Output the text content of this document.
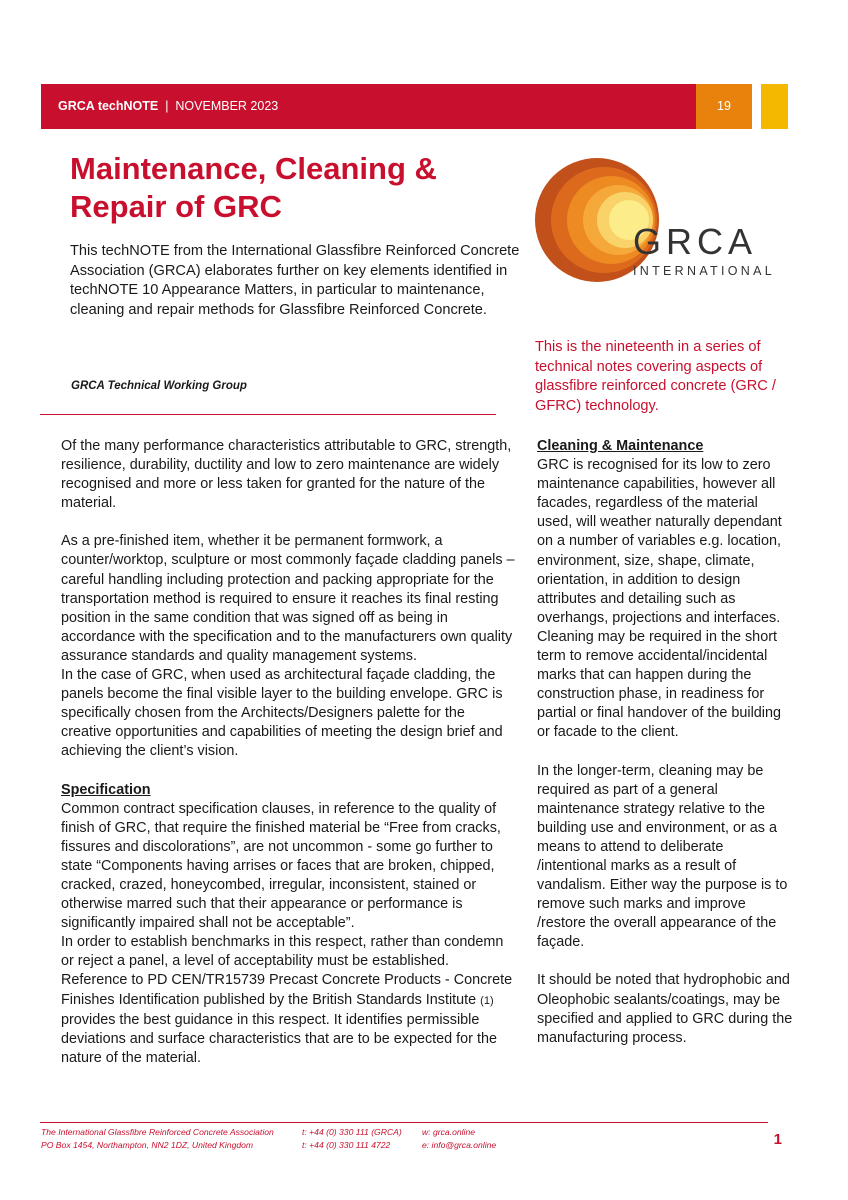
GRCA techNOTE | NOVEMBER 2023	19
Maintenance, Cleaning &
Repair of GRC

This techNOTE from the International Glassfibre Reinforced Concrete Association (GRCA) elaborates further on key elements identified in techNOTE 10 Appearance Matters, in particular to maintenance, cleaning and repair methods for Glassfibre Reinforced Concrete.

GRCA
INTERNATIONAL

This is the nineteenth in a series of technical notes covering aspects of glassfibre reinforced concrete (GRC / GFRC) technology.

GRCA Technical Working Group

Of the many performance characteristics attributable to GRC, strength, resilience, durability, ductility and low to zero maintenance are widely recognised and more or less taken for granted for the nature of the material.

As a pre-finished item, whether it be permanent formwork, a counter/worktop, sculpture or most commonly façade cladding panels – careful handling including protection and packing appropriate for the transportation method is required to ensure it reaches its final resting position in the same condition that was signed off as being in accordance with the specification and to the manufacturers own quality assurance standards and quality management systems.

In the case of GRC, when used as architectural façade cladding, the panels become the final visible layer to the building envelope. GRC is specifically chosen from the Architects/Designers palette for the creative opportunities and capabilities of meeting the design brief and achieving the client’s vision.

Specification

Common contract specification clauses, in reference to the quality of finish of GRC, that require the finished material be “Free from cracks, fissures and discolorations”, are not uncommon - some go further to state “Components having arrises or faces that are broken, chipped, cracked, crazed, honeycombed, irregular, inconsistent, stained or otherwise marred such that their appearance or performance is significantly impaired shall not be acceptable”.

In order to establish benchmarks in this respect, rather than condemn or reject a panel, a level of acceptability must be established.

Reference to PD CEN/TR15739 Precast Concrete Products - Concrete Finishes Identification published by the British Standards Institute (1) provides the best guidance in this respect. It identifies permissible deviations and surface characteristics that are to be expected for the nature of the material.

Cleaning & Maintenance

GRC is recognised for its low to zero maintenance capabilities, however all facades, regardless of the material used, will weather naturally dependant on a number of variables e.g. location, environment, size, shape, climate, orientation, in addition to design attributes and detailing such as overhangs, projections and interfaces. Cleaning may be required in the short term to remove accidental/incidental marks that can happen during the construction phase, in readiness for partial or final handover of the building or facade to the client.

In the longer-term, cleaning may be required as part of a general maintenance strategy relative to the building use and environment, or as a means to attend to deliberate /intentional marks as a result of vandalism. Either way the purpose is to remove such marks and improve /restore the overall appearance of the façade.

It should be noted that hydrophobic and Oleophobic sealants/coatings, may be specified and applied to GRC during the manufacturing process.

The International Glassfibre Reinforced Concrete Association
PO Box 1454, Northampton, NN2 1DZ, United Kingdom
t: +44 (0) 330 111 (GRCA)
t: +44 (0) 330 111 4722
w: grca.online
e: info@grca.online	1
